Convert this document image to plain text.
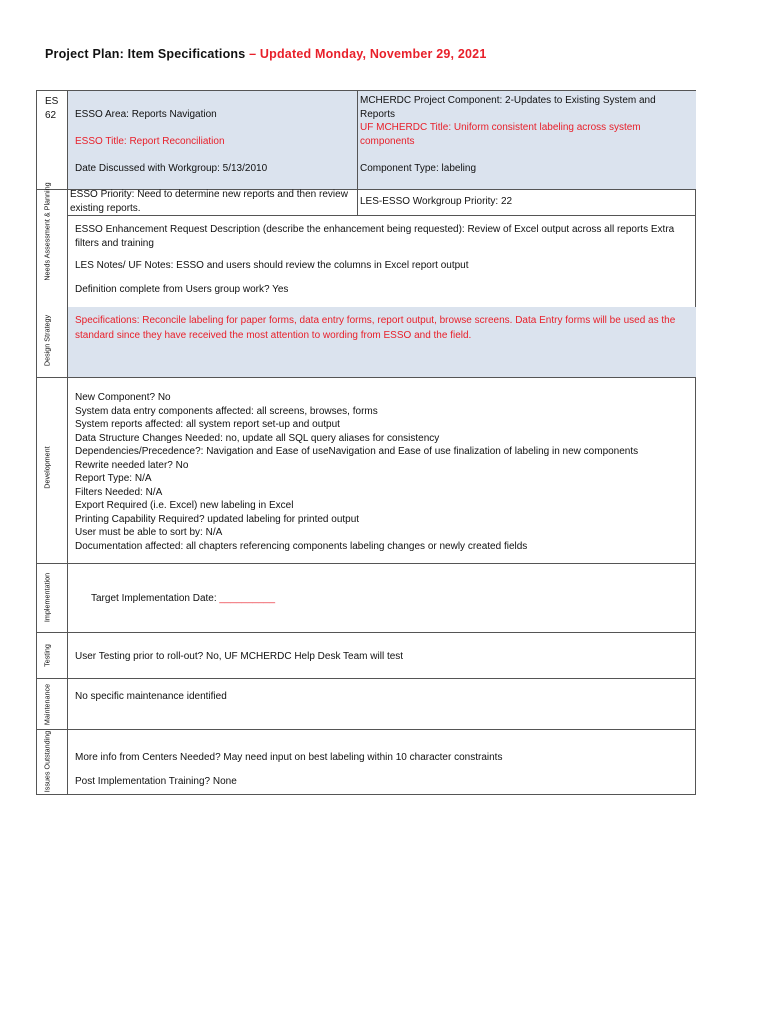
Project Plan: Item Specifications – Updated Monday, November 29, 2021
ES
62 ESSO Area: Reports Navigation
ESSO Title: Report Reconciliation
Date Discussed with Workgroup: 5/13/2010
MCHERDC Project Component: 2-Updates to Existing System and Reports
UF MCHERDC Title: Uniform consistent labeling across system components
Component Type: labeling
ESSO Priority: Need to determine new reports and then review existing reports.
LES-ESSO Workgroup Priority: 22
ESSO Enhancement Request Description (describe the enhancement being requested): Review of Excel output across all reports Extra filters and training
LES Notes/ UF Notes: ESSO and users should review the columns in Excel report output
Definition complete from Users group work? Yes
Specifications: Reconcile labeling for paper forms, data entry forms, report output, browse screens. Data Entry forms will be used as the standard since they have received the most attention to wording from ESSO and the field.
New Component? No
System data entry components affected: all screens, browses, forms
System reports affected: all system report set-up and output
Data Structure Changes Needed: no, update all SQL query aliases for consistency
Dependencies/Precedence?: Navigation and Ease of useNavigation and Ease of use finalization of labeling in new components
Rewrite needed later? No
Report Type: N/A
Filters Needed: N/A
Export Required (i.e. Excel) new labeling in Excel
Printing Capability Required? updated labeling for printed output
User must be able to sort by: N/A
Documentation affected: all chapters referencing components labeling changes or newly created fields
Target Implementation Date: __________
User Testing prior to roll-out? No, UF MCHERDC Help Desk Team will test
No specific maintenance identified
More info from Centers Needed? May need input on best labeling within 10 character constraints
Post Implementation Training? None
Needs Assessment & Planning
Design Strategy
Development
Implementation
Testing
Maintenance
Issues Outstanding
